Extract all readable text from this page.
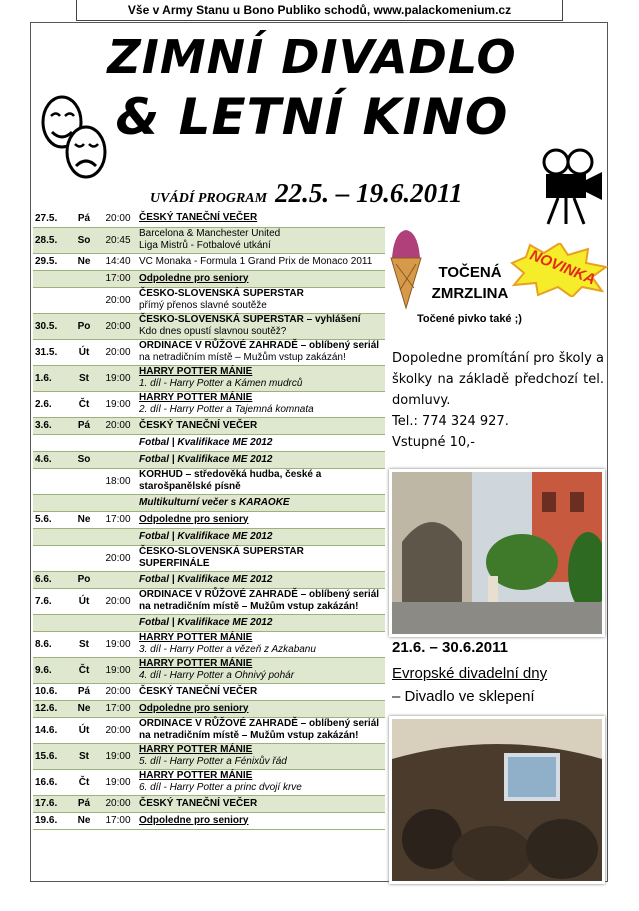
Vše v Army Stanu u Bono Publiko schodů, www.palackomenium.cz
ZIMNÍ DIVADLO
& LETNÍ KINO
UVÁDÍ PROGRAM 22.5. – 19.6.2011
27.5.	Pá	20:00	ČESKÝ TANEČNÍ VEČER

28.5.	So	20:45	Barcelona & Manchester United
Liga Mistrů - Fotbalové utkání

29.5.	Ne	14:40	VC Monaka - Formula 1 Grand Prix de Monaco 2011

		17:00	Odpoledne pro seniory

		20:00	ČESKO-SLOVENSKÁ SUPERSTAR
přímý přenos slavné soutěže

30.5.	Po	20:00	ČESKO-SLOVENSKÁ SUPERSTAR – vyhlášení
Kdo dnes opustí slavnou soutěž?

31.5.	Út	20:00	ORDINACE V RŮŽOVÉ ZAHRADĚ – oblíbený seriál
na netradičním místě – Mužům vstup zakázán!

1.6.	St	19:00	HARRY POTTER MÁNIE
1. díl - Harry Potter a Kámen mudrců

2.6.	Čt	19:00	HARRY POTTER MÁNIE
2. díl - Harry Potter a Tajemná komnata

3.6.	Pá	20:00	ČESKÝ TANEČNÍ VEČER

			Fotbal | Kvalifikace ME 2012

4.6.	So		Fotbal | Kvalifikace ME 2012

		18:00	KORHUD – středověká hudba, české a
starošpanělské písně

			Multikulturní večer s KARAOKE

5.6.	Ne	17:00	Odpoledne pro seniory

			Fotbal | Kvalifikace ME 2012

		20:00	ČESKO-SLOVENSKÁ SUPERSTAR
SUPERFINÁLE

6.6.	Po		Fotbal | Kvalifikace ME 2012

7.6.	Út	20:00	ORDINACE V RŮŽOVÉ ZAHRADĚ – oblíbený seriál
na netradičním místě – Mužům vstup zakázán!

			Fotbal | Kvalifikace ME 2012

8.6.	St	19:00	HARRY POTTER MÁNIE
3. díl - Harry Potter a vězeň z Azkabanu

9.6.	Čt	19:00	HARRY POTTER MÁNIE
4. díl - Harry Potter a Ohnivý pohár

10.6.	Pá	20:00	ČESKÝ TANEČNÍ VEČER

12.6.	Ne	17:00	Odpoledne pro seniory

14.6.	Út	20:00	ORDINACE V RŮŽOVÉ ZAHRADĚ – oblíbený seriál
na netradičním místě – Mužům vstup zakázán!

15.6.	St	19:00	HARRY POTTER MÁNIE
5. díl - Harry Potter a Fénixův řád

16.6.	Čt	19:00	HARRY POTTER MÁNIE
6. díl - Harry Potter a princ dvojí krve

17.6.	Pá	20:00	ČESKÝ TANEČNÍ VEČER

19.6.	Ne	17:00	Odpoledne pro seniory
TOČENÁ ZMRZLINA
NOVINKA
Točené pivko také ;)
Dopoledne promítání pro školy a školky na základě předchozí tel. domluvy.
Tel.: 774 324 927.
Vstupné 10,-
21.6. – 30.6.2011
Evropské divadelní dny
– Divadlo ve sklepení
